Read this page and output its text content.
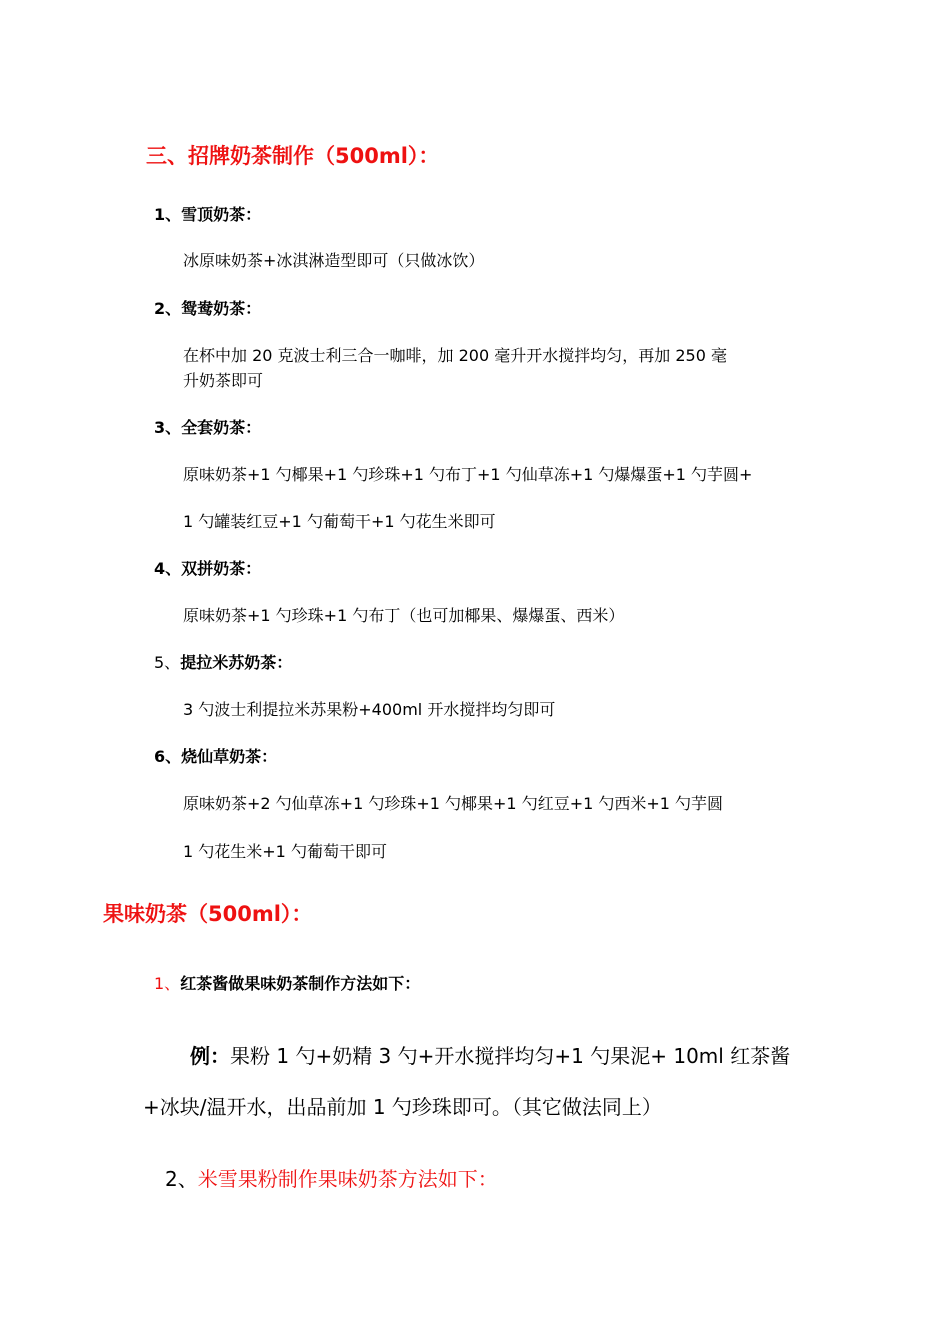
三、招牌奶茶制作（500ml）：
1、雪顶奶茶：
冰原味奶茶+冰淇淋造型即可（只做冰饮）
2、鸳鸯奶茶：
在杯中加 20 克波士利三合一咖啡，加 200 毫升开水搅拌均匀，再加 250 毫
升奶茶即可
3、全套奶茶：
原味奶茶+1 勺椰果+1 勺珍珠+1 勺布丁+1 勺仙草冻+1 勺爆爆蛋+1 勺芋圆+
1 勺罐装红豆+1 勺葡萄干+1 勺花生米即可
4、双拼奶茶：
原味奶茶+1 勺珍珠+1 勺布丁（也可加椰果、爆爆蛋、西米）
5、提拉米苏奶茶：
3 勺波士利提拉米苏果粉+400ml 开水搅拌均匀即可
6、烧仙草奶茶：
原味奶茶+2 勺仙草冻+1 勺珍珠+1 勺椰果+1 勺红豆+1 勺西米+1 勺芋圆
1 勺花生米+1 勺葡萄干即可
果味奶茶（500ml）：
1、红茶酱做果味奶茶制作方法如下：
例：果粉 1 勺+奶精 3 勺+开水搅拌均匀+1 勺果泥+ 10ml 红茶酱
+冰块/温开水，出品前加 1 勺珍珠即可。（其它做法同上）
2、米雪果粉制作果味奶茶方法如下：
